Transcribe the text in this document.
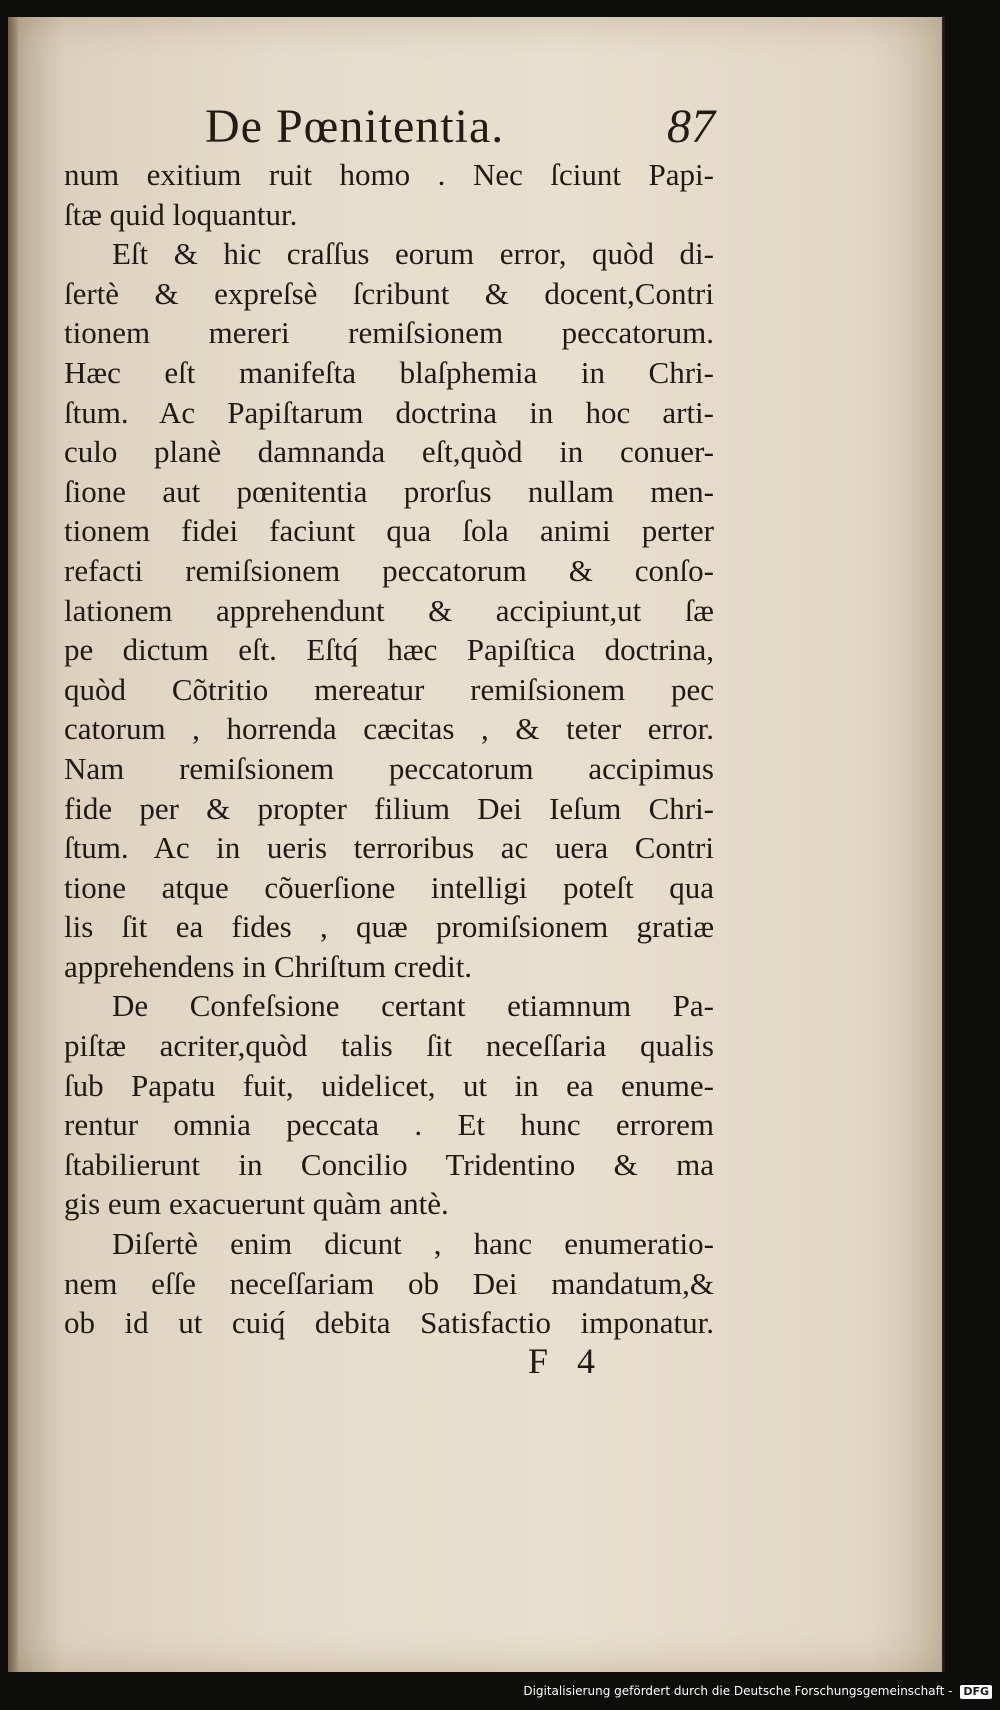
De Pœnitentia.	87
num exitium ruit homo . Nec ſciunt Papi-
ſtæ quid loquantur.
Eſt & hic craſſus eorum error, quòd di-
ſertè & expreſsè ſcribunt & docent,Contri
tionem mereri remiſsionem peccatorum.
Hæc eſt manifeſta blaſphemia in Chri-
ſtum. Ac Papiſtarum doctrina in hoc arti-
culo planè damnanda eſt,quòd in conuer-
ſione aut pœnitentia prorſus nullam men-
tionem fidei faciunt qua ſola animi perter
refacti remiſsionem peccatorum & conſo-
lationem apprehendunt & accipiunt,ut ſæ
pe dictum eſt. Eſtq́ hæc Papiſtica doctrina,
quòd Cõtritio mereatur remiſsionem pec
catorum , horrenda cæcitas , & teter error.
Nam remiſsionem peccatorum accipimus
fide per & propter filium Dei Ieſum Chri-
ſtum. Ac in ueris terroribus ac uera Contri
tione atque cõuerſione intelligi poteſt qua
lis ſit ea fides , quæ promiſsionem gratiæ
apprehendens in Chriſtum credit.
De Confeſsione certant etiamnum Pa-
piſtæ acriter,quòd talis ſit neceſſaria qualis
ſub Papatu fuit, uidelicet, ut in ea enume-
rentur omnia peccata . Et hunc errorem
ſtabilierunt in Concilio Tridentino & ma
gis eum exacuerunt quàm antè.
Diſertè enim dicunt , hanc enumeratio-
nem eſſe neceſſariam ob Dei mandatum,&
ob id ut cuiq́ debita Satisfactio imponatur.
F 4
Digitalisierung gefördert durch die Deutsche Forschungsgemeinschaft - DFG
